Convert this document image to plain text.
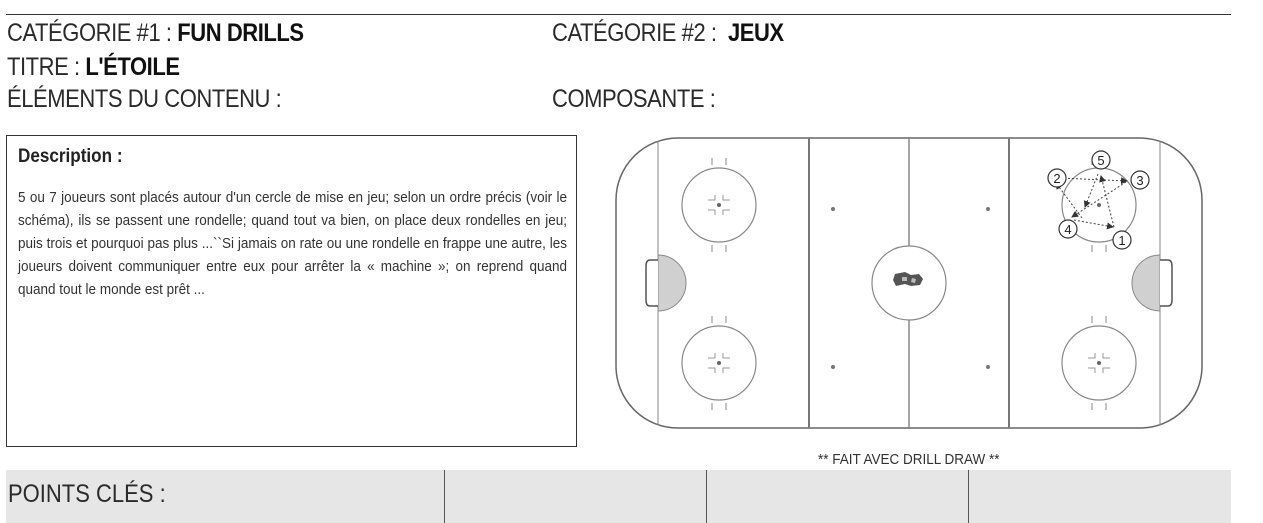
CATÉGORIE #1 : FUN DRILLS	CATÉGORIE #2 : JEUX
TITRE : L'ÉTOILE
ÉLÉMENTS DU CONTENU :	COMPOSANTE :
Description :
5 ou 7 joueurs sont placés autour d'un cercle de mise en jeu; selon un ordre précis (voir le schéma), ils se passent une rondelle; quand tout va bien, on place deux rondelles en jeu; puis trois et pourquoi pas plus ...``Si jamais on rate ou une rondelle en frappe une autre, les joueurs doivent communiquer entre eux pour arrêter la « machine »; on reprend quand quand tout le monde est prêt ...
1
2	3
4
5
** FAIT AVEC DRILL DRAW **
POINTS CLÉS :
